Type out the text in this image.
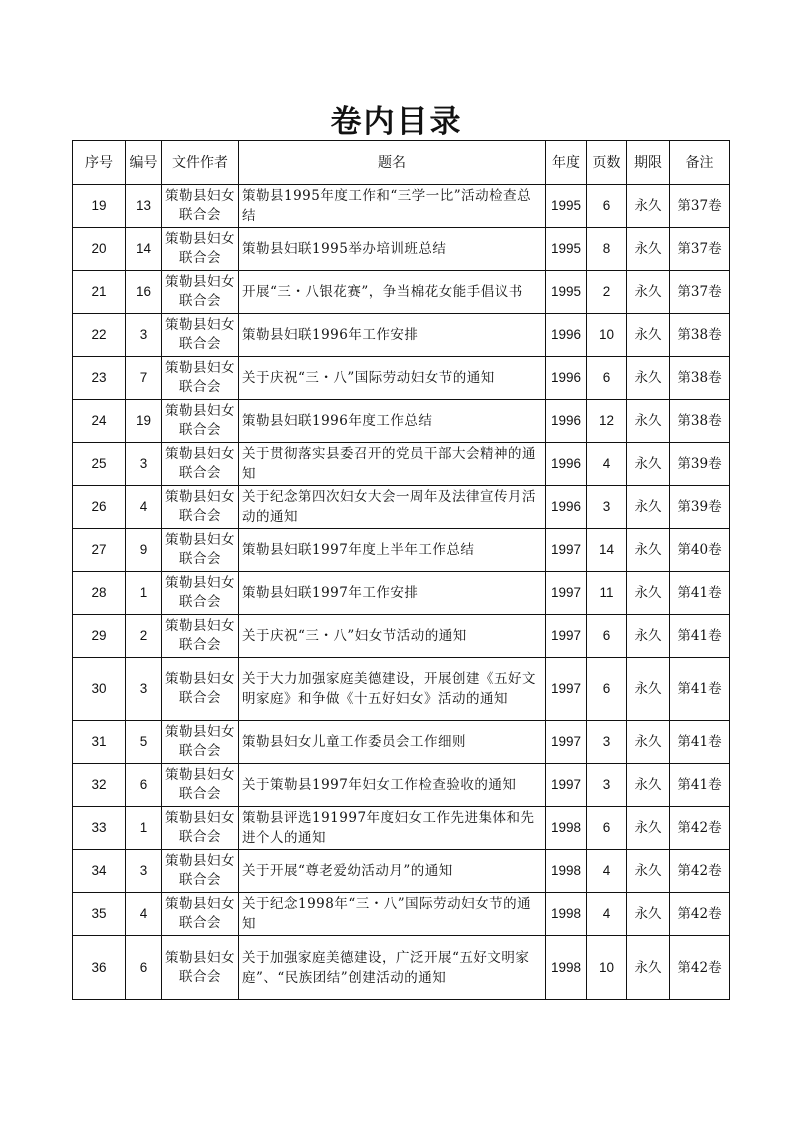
卷内目录
序号	编号	文件作者	题名	年度	页数	期限	备注
19	13	策勒县妇女联合会	策勒县1995年度工作和“三学一比”活动检查总结	1995	6	永久	第37卷
20	14	策勒县妇女联合会	策勒县妇联1995举办培训班总结	1995	8	永久	第37卷
21	16	策勒县妇女联合会	开展“三・八银花赛”，争当棉花女能手倡议书	1995	2	永久	第37卷
22	3	策勒县妇女联合会	策勒县妇联1996年工作安排	1996	10	永久	第38卷
23	7	策勒县妇女联合会	关于庆祝“三・八”国际劳动妇女节的通知	1996	6	永久	第38卷
24	19	策勒县妇女联合会	策勒县妇联1996年度工作总结	1996	12	永久	第38卷
25	3	策勒县妇女联合会	关于贯彻落实县委召开的党员干部大会精神的通知	1996	4	永久	第39卷
26	4	策勒县妇女联合会	关于纪念第四次妇女大会一周年及法律宣传月活动的通知	1996	3	永久	第39卷
27	9	策勒县妇女联合会	策勒县妇联1997年度上半年工作总结	1997	14	永久	第40卷
28	1	策勒县妇女联合会	策勒县妇联1997年工作安排	1997	11	永久	第41卷
29	2	策勒县妇女联合会	关于庆祝“三・八”妇女节活动的通知	1997	6	永久	第41卷
30	3	策勒县妇女联合会	关于大力加强家庭美德建设，开展创建《五好文明家庭》和争做《十五好妇女》活动的通知	1997	6	永久	第41卷
31	5	策勒县妇女联合会	策勒县妇女儿童工作委员会工作细则	1997	3	永久	第41卷
32	6	策勒县妇女联合会	关于策勒县1997年妇女工作检查验收的通知	1997	3	永久	第41卷
33	1	策勒县妇女联合会	策勒县评选191997年度妇女工作先进集体和先进个人的通知	1998	6	永久	第42卷
34	3	策勒县妇女联合会	关于开展“尊老爱幼活动月”的通知	1998	4	永久	第42卷
35	4	策勒县妇女联合会	关于纪念1998年“三・八”国际劳动妇女节的通知	1998	4	永久	第42卷
36	6	策勒县妇女联合会	关于加强家庭美德建设，广泛开展“五好文明家庭”、“民族团结”创建活动的通知	1998	10	永久	第42卷
